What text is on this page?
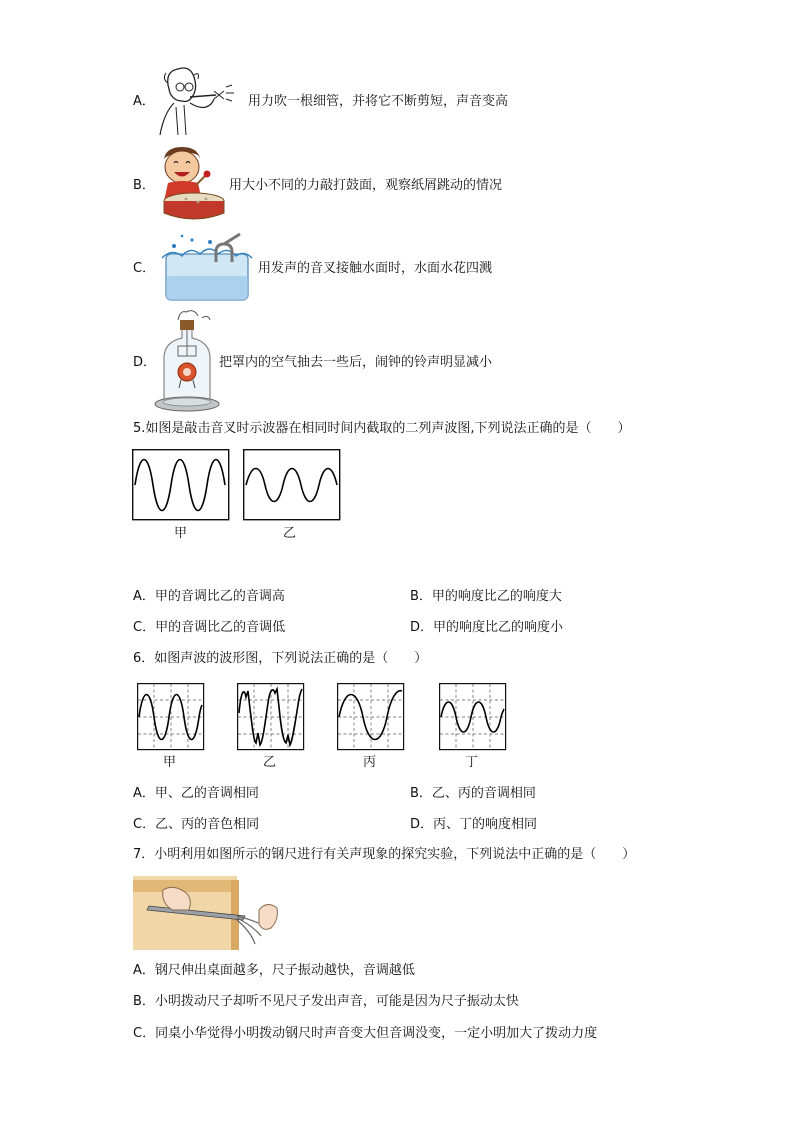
A．	用力吹一根细管，并将它不断剪短，声音变高
B．	用大小不同的力敲打鼓面，观察纸屑跳动的情况
C．	用发声的音叉接触水面时，水面水花四溅
D．	把罩内的空气抽去一些后，闹钟的铃声明显减小
5.如图是敲击音叉时示波器在相同时间内截取的二列声波图,下列说法正确的是（　　）
甲	乙
A．甲的音调比乙的音调高	B．甲的响度比乙的响度大
C．甲的音调比乙的音调低	D．甲的响度比乙的响度小
6．如图声波的波形图，下列说法正确的是（　　）
甲	乙	丙	丁
A．甲、乙的音调相同	B．乙、丙的音调相同
C．乙、丙的音色相同	D．丙、丁的响度相同
7．小明利用如图所示的钢尺进行有关声现象的探究实验，下列说法中正确的是（　　）
A．钢尺伸出桌面越多，尺子振动越快，音调越低
B．小明拨动尺子却听不见尺子发出声音，可能是因为尺子振动太快
C．同桌小华觉得小明拨动钢尺时声音变大但音调没变，一定小明加大了拨动力度
